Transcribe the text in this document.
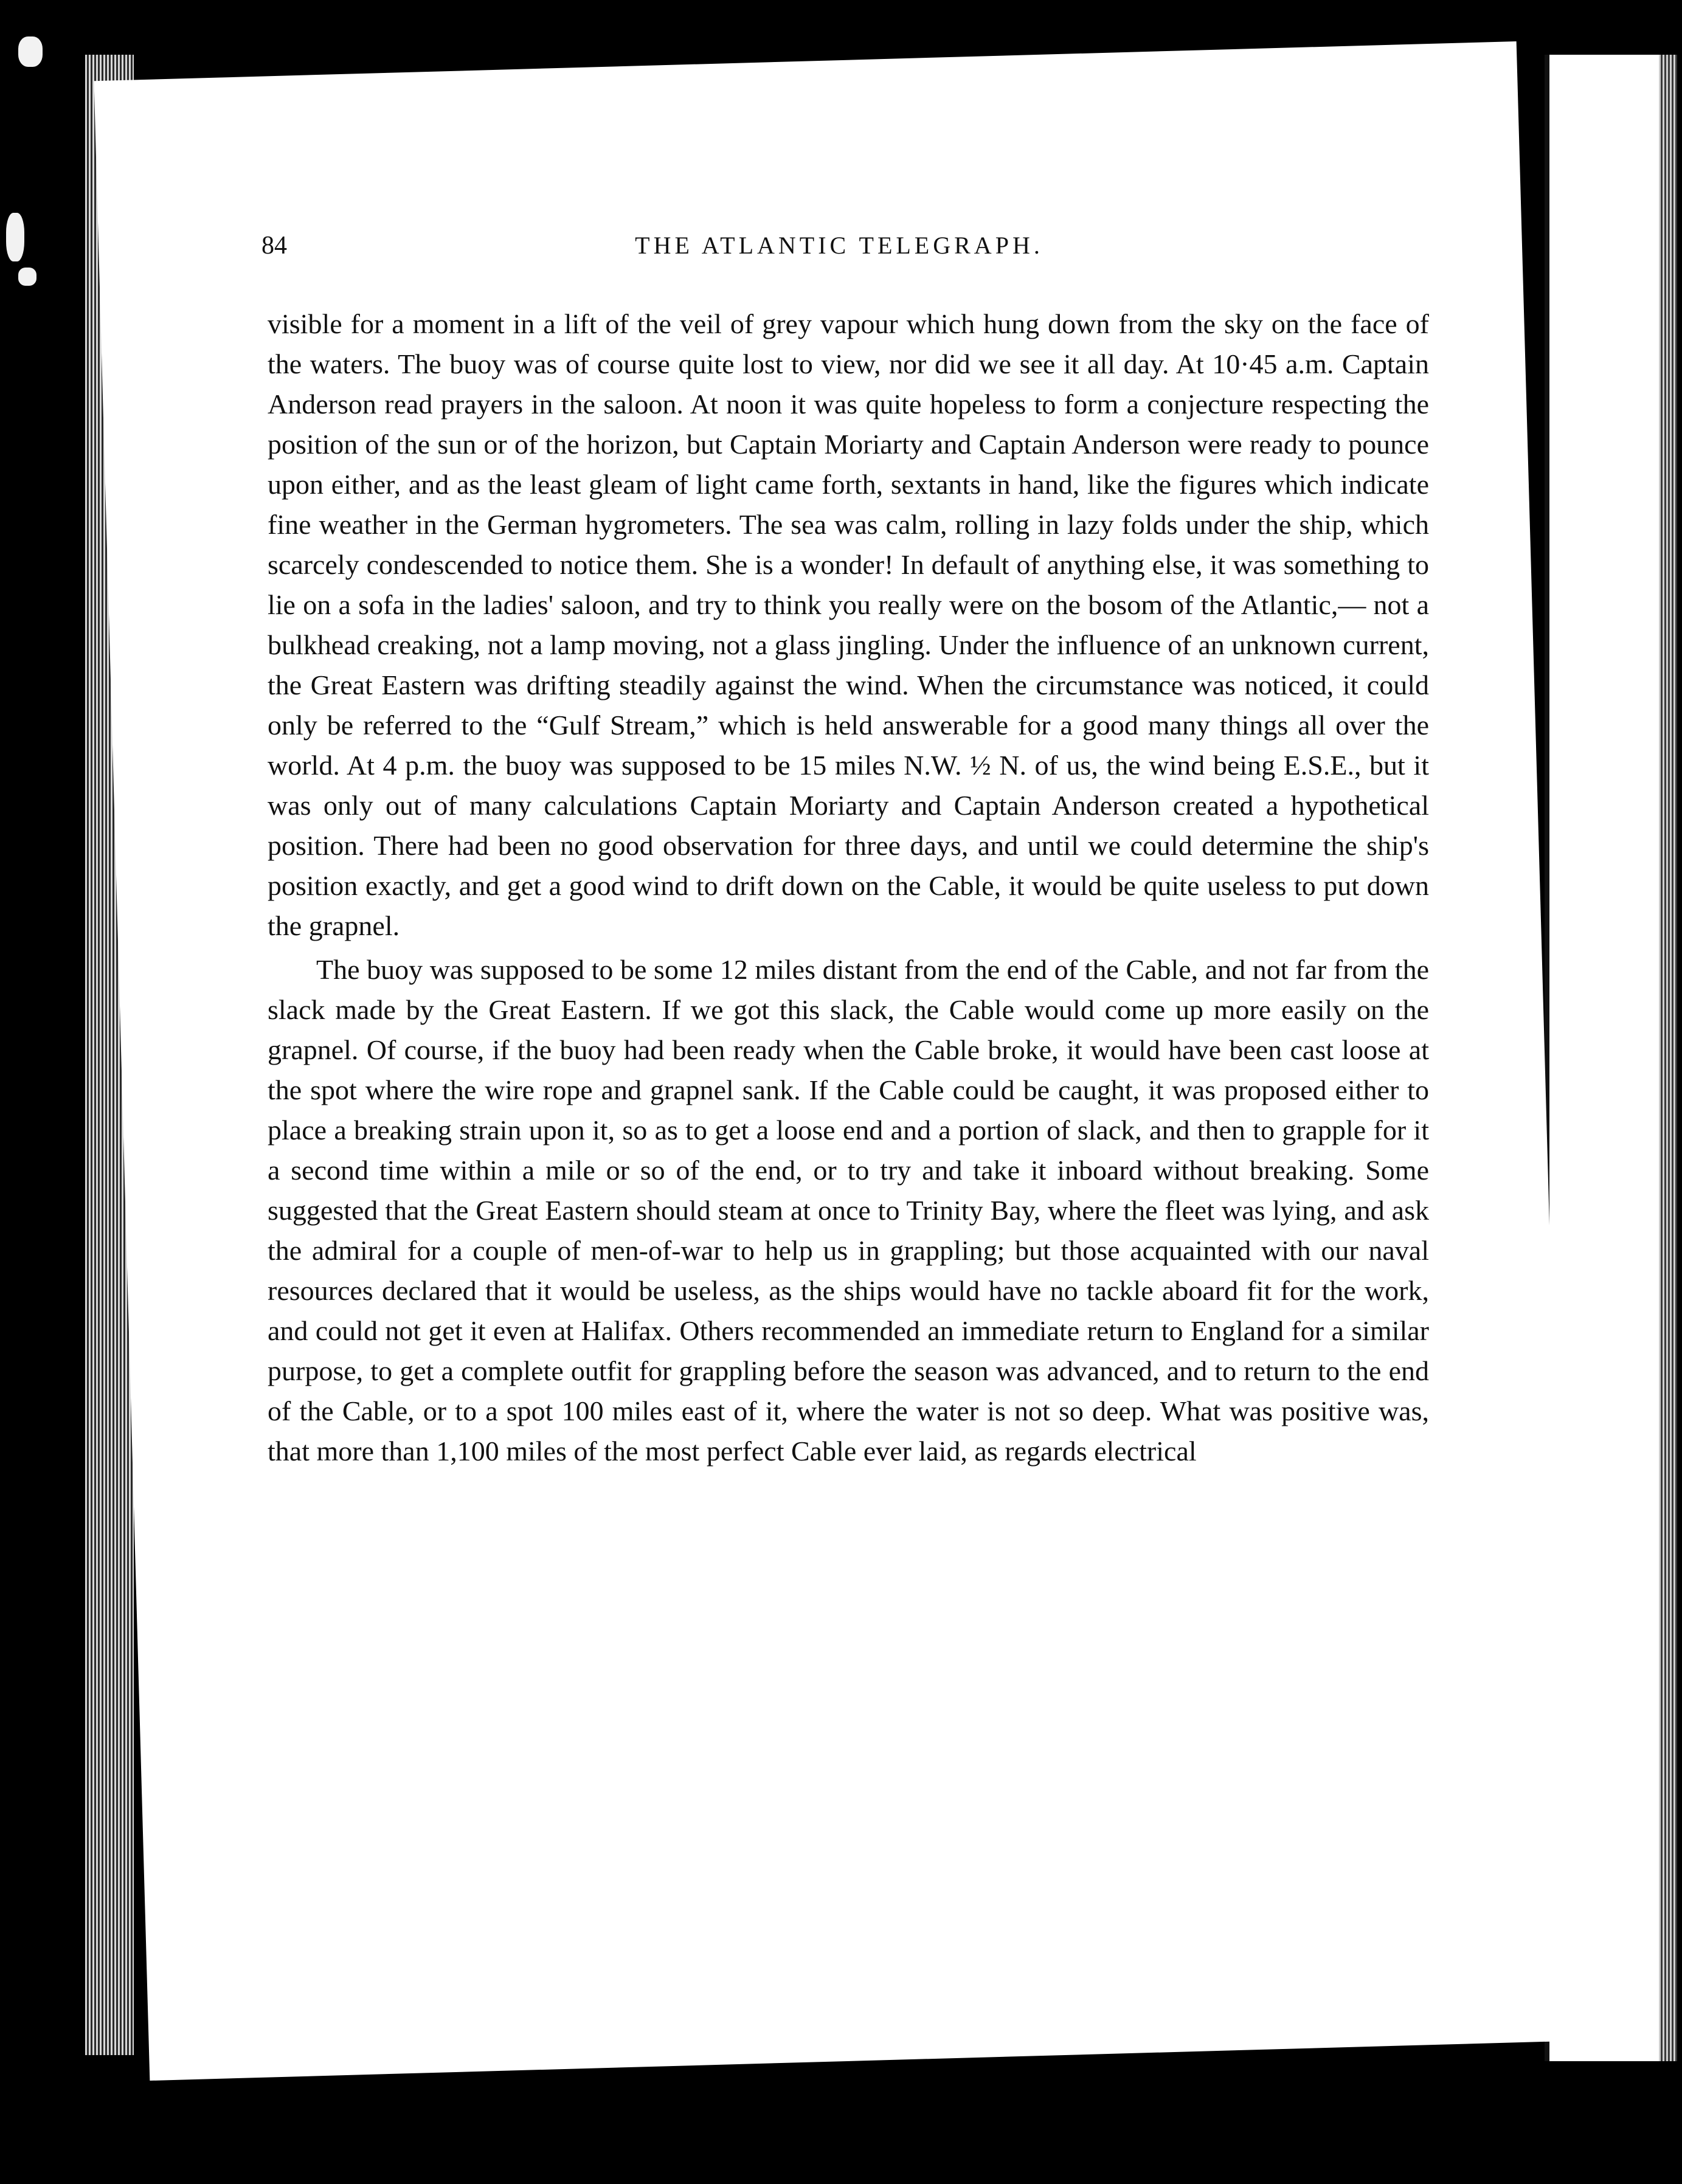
84	THE ATLANTIC TELEGRAPH.

visible for a moment in a lift of the veil of grey vapour which hung down from the sky on the face of the waters. The buoy was of course quite lost to view, nor did we see it all day. At 10·45 a.m. Captain Anderson read prayers in the saloon. At noon it was quite hopeless to form a conjecture respecting the position of the sun or of the horizon, but Captain Moriarty and Captain Anderson were ready to pounce upon either, and as the least gleam of light came forth, sextants in hand, like the figures which indicate fine weather in the German hygrometers. The sea was calm, rolling in lazy folds under the ship, which scarcely condescended to notice them. She is a wonder! In default of anything else, it was something to lie on a sofa in the ladies' saloon, and try to think you really were on the bosom of the Atlantic,— not a bulkhead creaking, not a lamp moving, not a glass jingling. Under the influence of an unknown current, the Great Eastern was drifting steadily against the wind. When the circumstance was noticed, it could only be referred to the “Gulf Stream,” which is held answerable for a good many things all over the world. At 4 p.m. the buoy was supposed to be 15 miles N.W. ½ N. of us, the wind being E.S.E., but it was only out of many calculations Captain Moriarty and Captain Anderson created a hypothetical position. There had been no good observation for three days, and until we could determine the ship's position exactly, and get a good wind to drift down on the Cable, it would be quite useless to put down the grapnel.

The buoy was supposed to be some 12 miles distant from the end of the Cable, and not far from the slack made by the Great Eastern. If we got this slack, the Cable would come up more easily on the grapnel. Of course, if the buoy had been ready when the Cable broke, it would have been cast loose at the spot where the wire rope and grapnel sank. If the Cable could be caught, it was proposed either to place a breaking strain upon it, so as to get a loose end and a portion of slack, and then to grapple for it a second time within a mile or so of the end, or to try and take it inboard without breaking. Some suggested that the Great Eastern should steam at once to Trinity Bay, where the fleet was lying, and ask the admiral for a couple of men-of-war to help us in grappling; but those acquainted with our naval resources declared that it would be useless, as the ships would have no tackle aboard fit for the work, and could not get it even at Halifax. Others recommended an immediate return to England for a similar purpose, to get a complete outfit for grappling before the season was advanced, and to return to the end of the Cable, or to a spot 100 miles east of it, where the water is not so deep. What was positive was, that more than 1,100 miles of the most perfect Cable ever laid, as regards electrical
